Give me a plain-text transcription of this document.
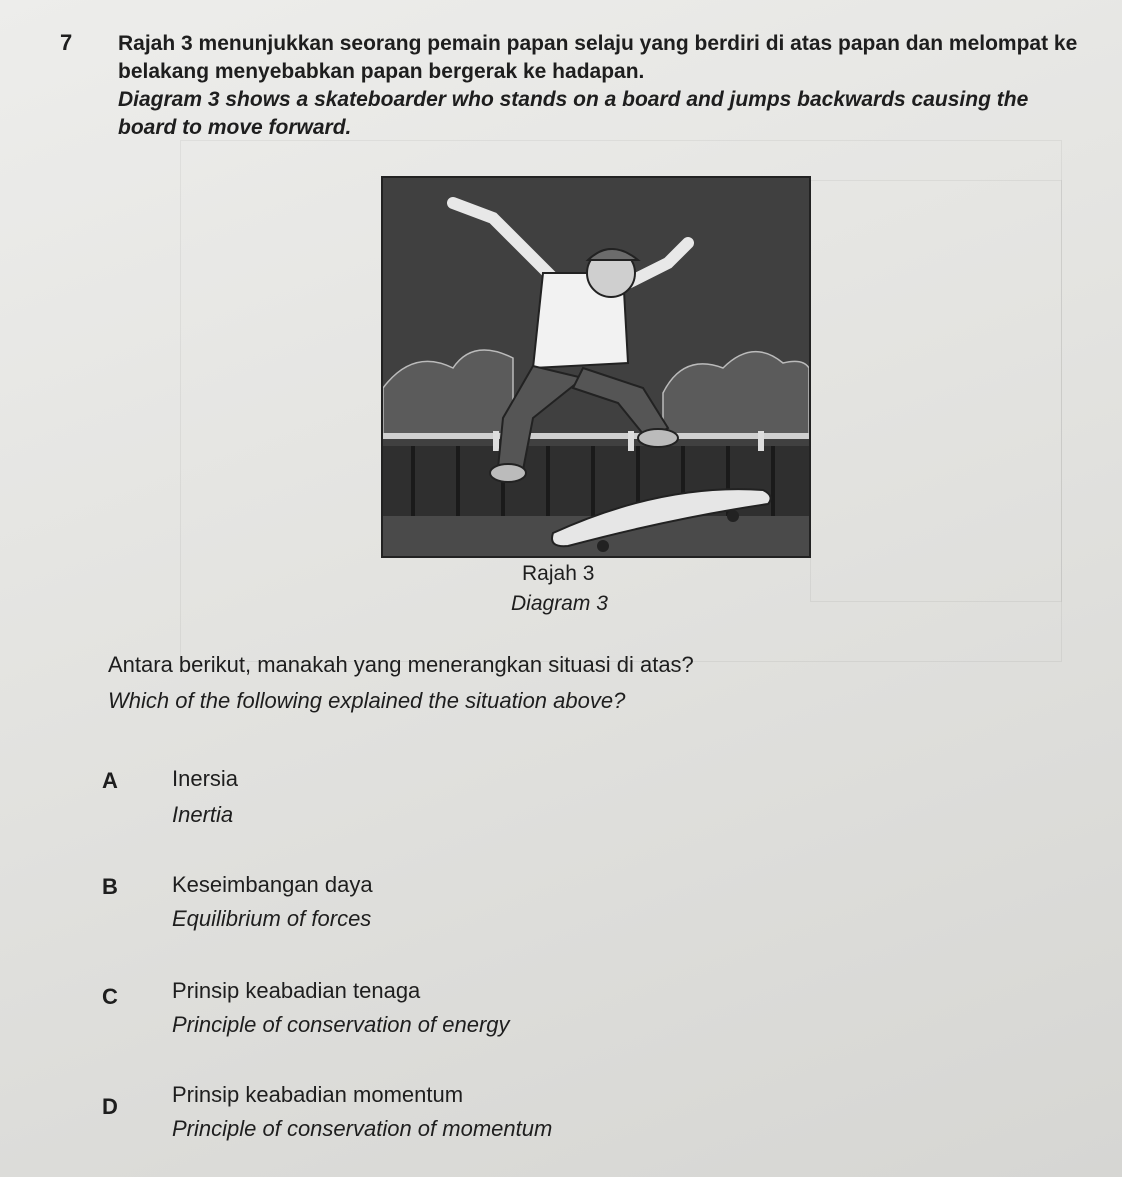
7 Rajah 3 menunjukkan seorang pemain papan selaju yang berdiri di atas papan dan melompat ke belakang menyebabkan papan bergerak ke hadapan.
Diagram 3 shows a skateboarder who stands on a board and jumps backwards causing the board to move forward.
Rajah 3
Diagram 3
Antara berikut, manakah yang menerangkan situasi di atas?
Which of the following explained the situation above?
A Inersia
Inertia
B Keseimbangan daya
Equilibrium of forces
C Prinsip keabadian tenaga
Principle of conservation of energy
D Prinsip keabadian momentum
Principle of conservation of momentum
